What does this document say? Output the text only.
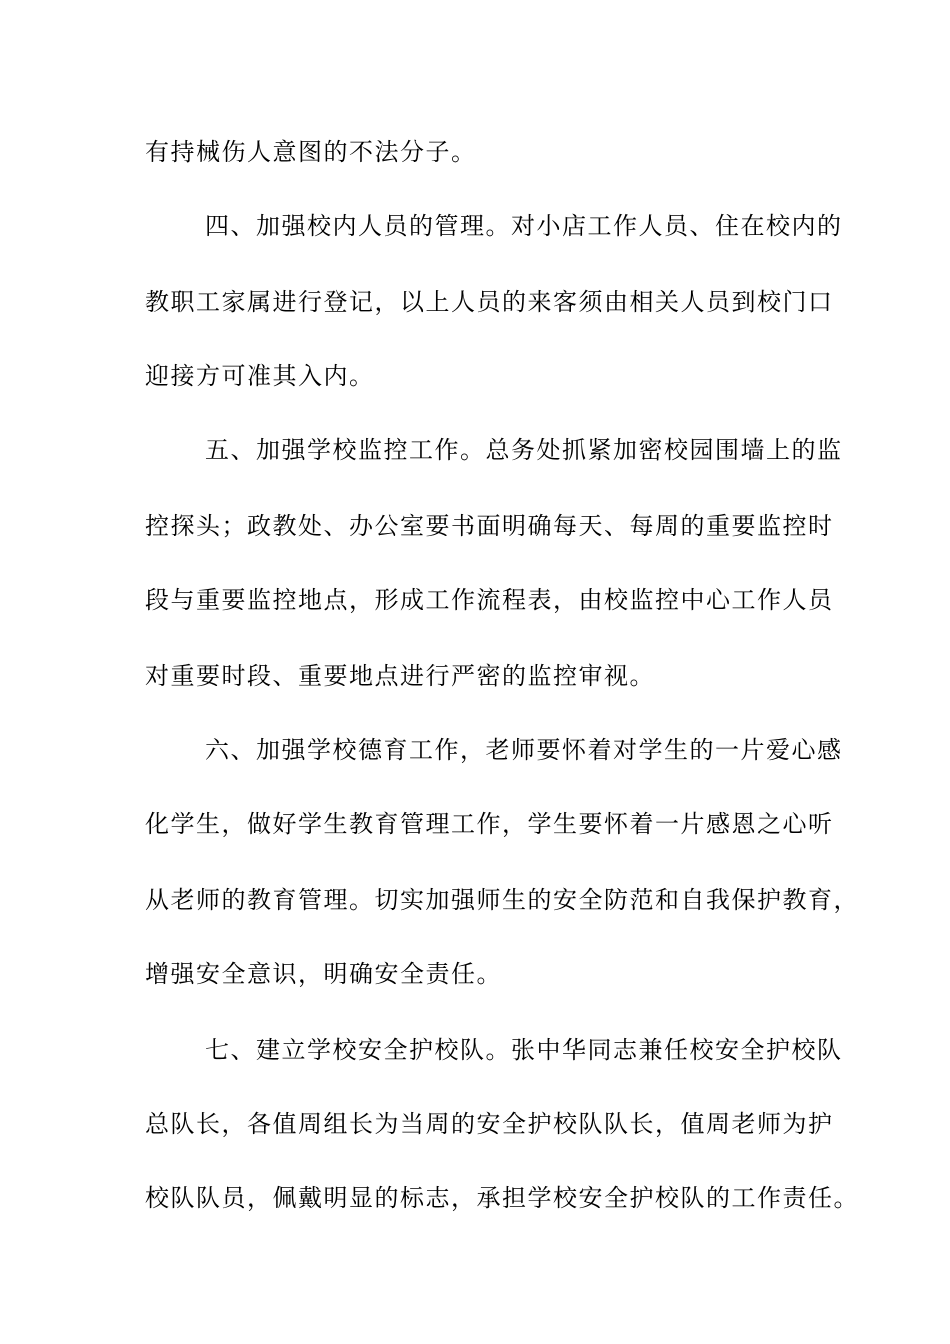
有持械伤人意图的不法分子。
四、加强校内人员的管理。对小店工作人员、住在校内的
教职工家属进行登记，以上人员的来客须由相关人员到校门口
迎接方可准其入内。
五、加强学校监控工作。总务处抓紧加密校园围墙上的监
控探头；政教处、办公室要书面明确每天、每周的重要监控时
段与重要监控地点，形成工作流程表，由校监控中心工作人员
对重要时段、重要地点进行严密的监控审视。
六、加强学校德育工作，老师要怀着对学生的一片爱心感
化学生，做好学生教育管理工作，学生要怀着一片感恩之心听
从老师的教育管理。切实加强师生的安全防范和自我保护教育，
增强安全意识，明确安全责任。
七、建立学校安全护校队。张中华同志兼任校安全护校队
总队长，各值周组长为当周的安全护校队队长，值周老师为护
校队队员，佩戴明显的标志，承担学校安全护校队的工作责任。
